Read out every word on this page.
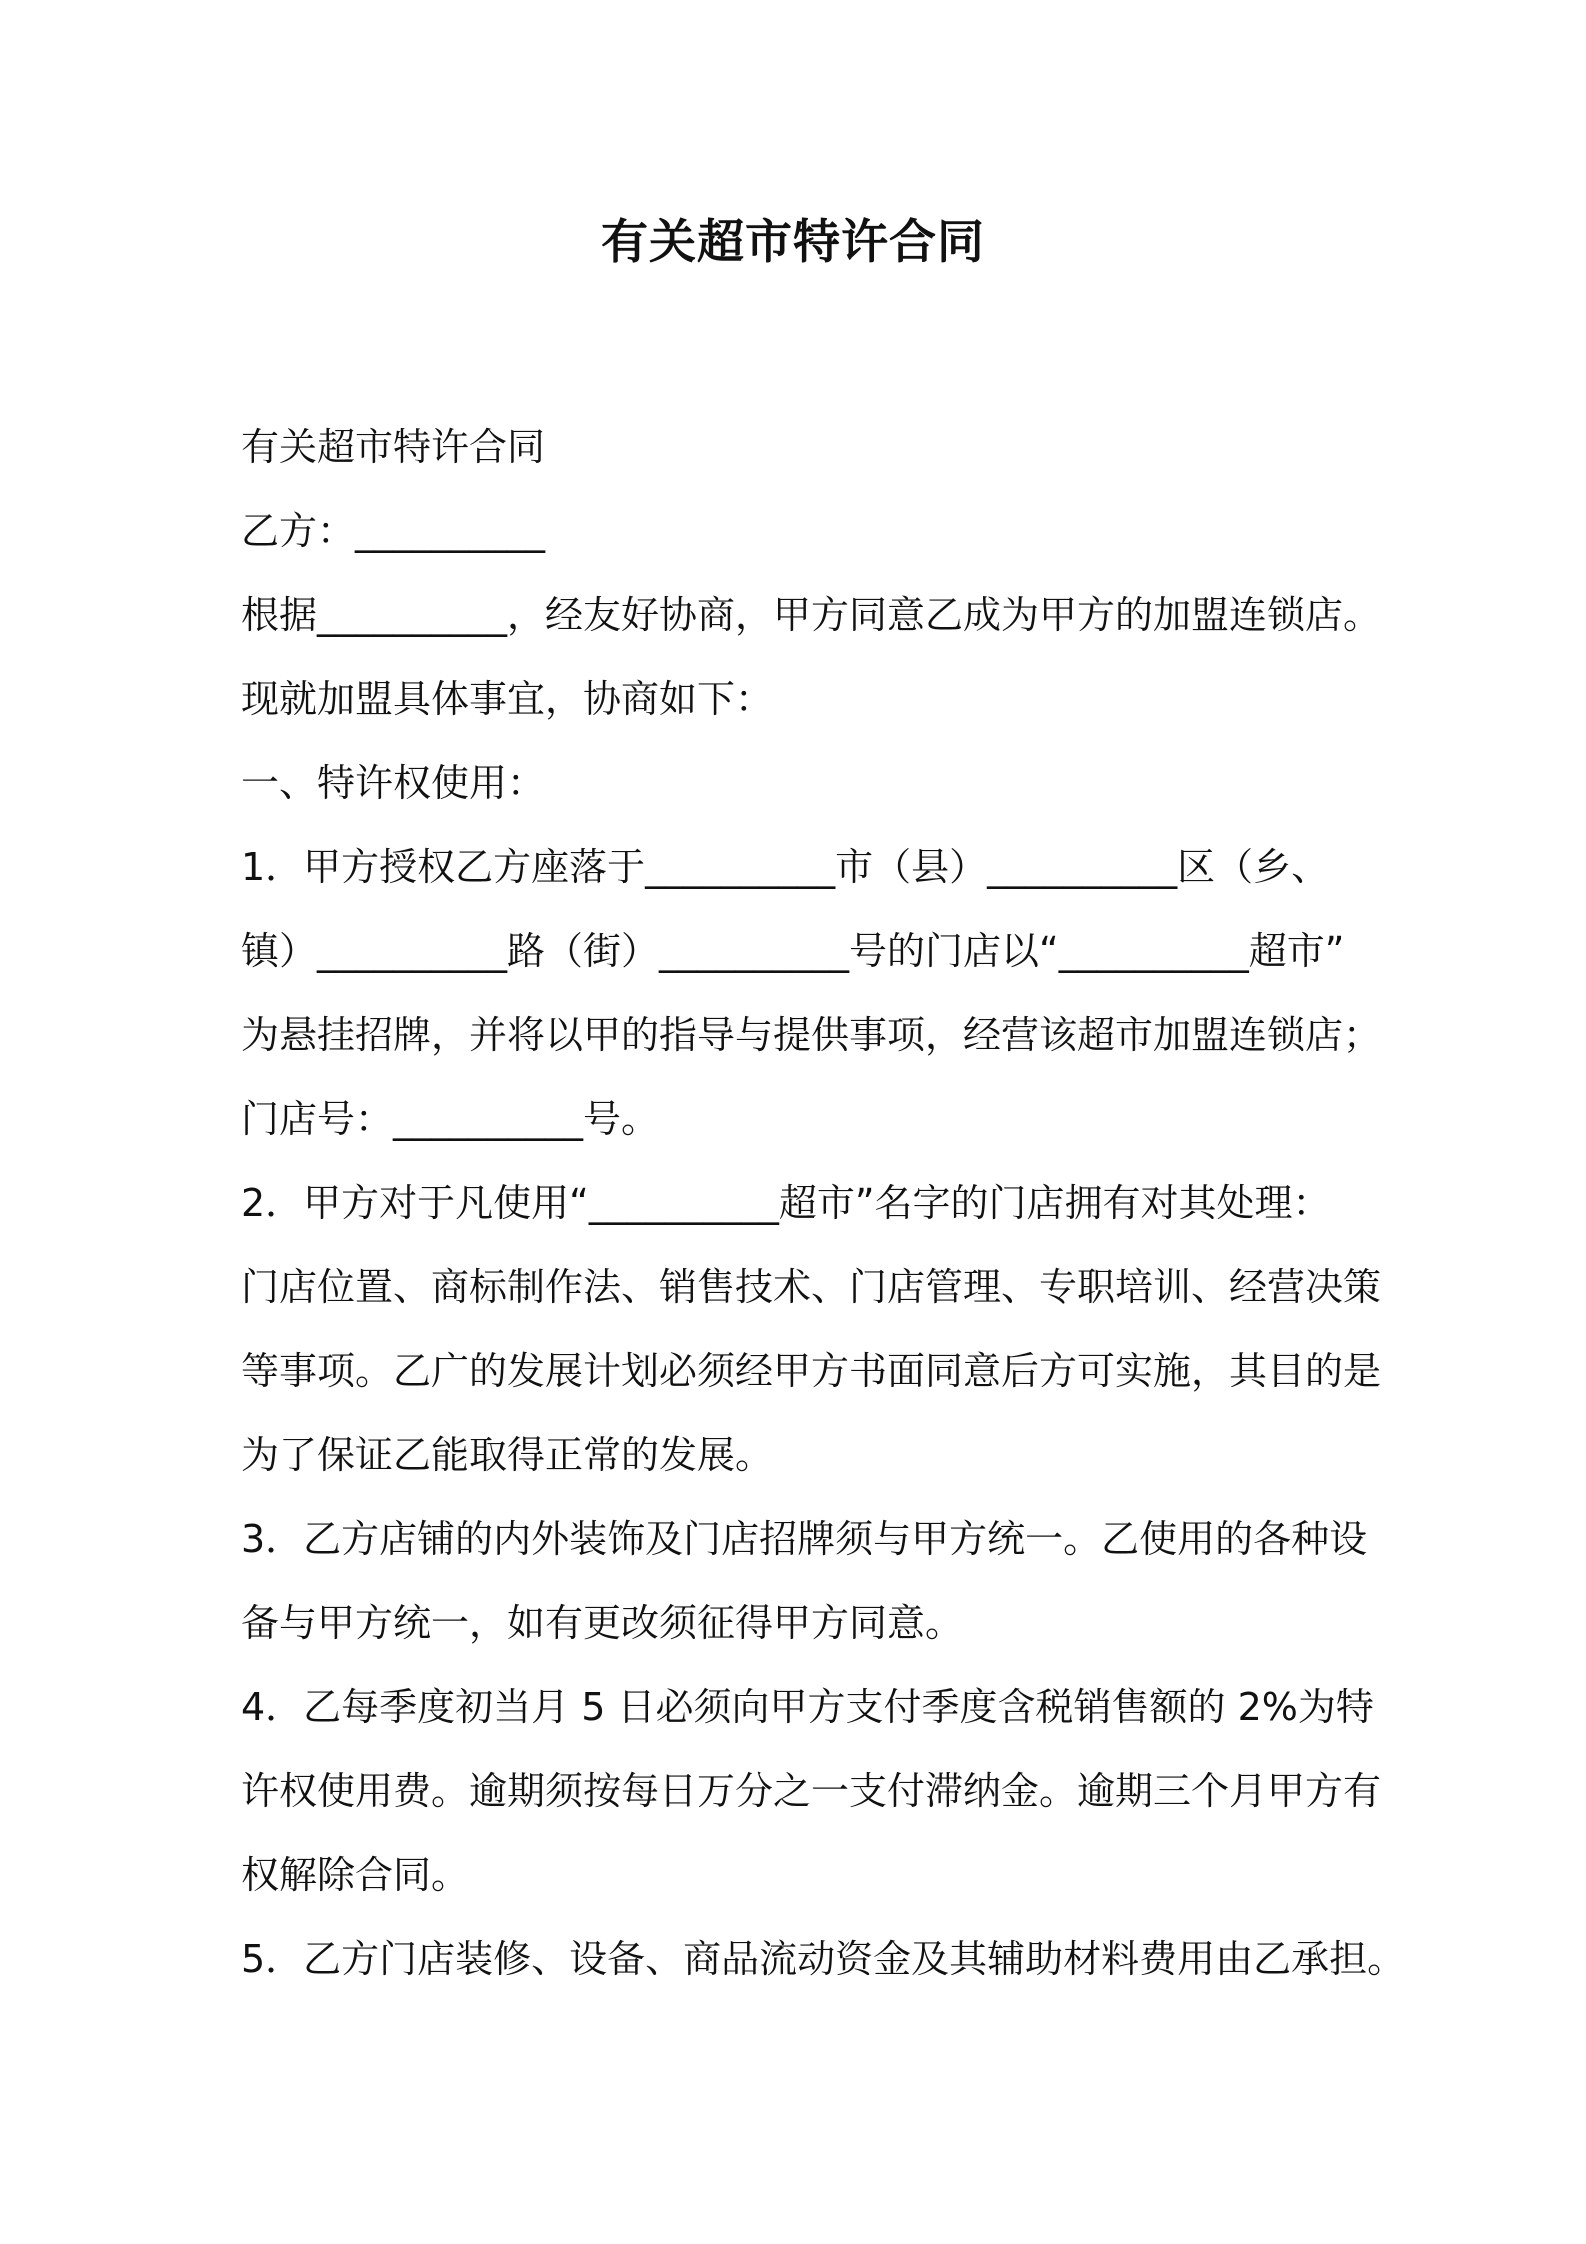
有关超市特许合同

有关超市特许合同

乙方：__________

根据__________，经友好协商，甲方同意乙成为甲方的加盟连锁店。

现就加盟具体事宜，协商如下：

一、特许权使用：

1．甲方授权乙方座落于__________市（县）__________区（乡、

镇）__________路（街）__________号的门店以“__________超市”

为悬挂招牌，并将以甲的指导与提供事项，经营该超市加盟连锁店；

门店号：__________号。

2．甲方对于凡使用“__________超市”名字的门店拥有对其处理：

门店位置、商标制作法、销售技术、门店管理、专职培训、经营决策

等事项。乙广的发展计划必须经甲方书面同意后方可实施，其目的是

为了保证乙能取得正常的发展。

3．乙方店铺的内外装饰及门店招牌须与甲方统一。乙使用的各种设

备与甲方统一，如有更改须征得甲方同意。

4．乙每季度初当月 5 日必须向甲方支付季度含税销售额的 2%为特

许权使用费。逾期须按每日万分之一支付滞纳金。逾期三个月甲方有

权解除合同。

5．乙方门店装修、设备、商品流动资金及其辅助材料费用由乙承担。
